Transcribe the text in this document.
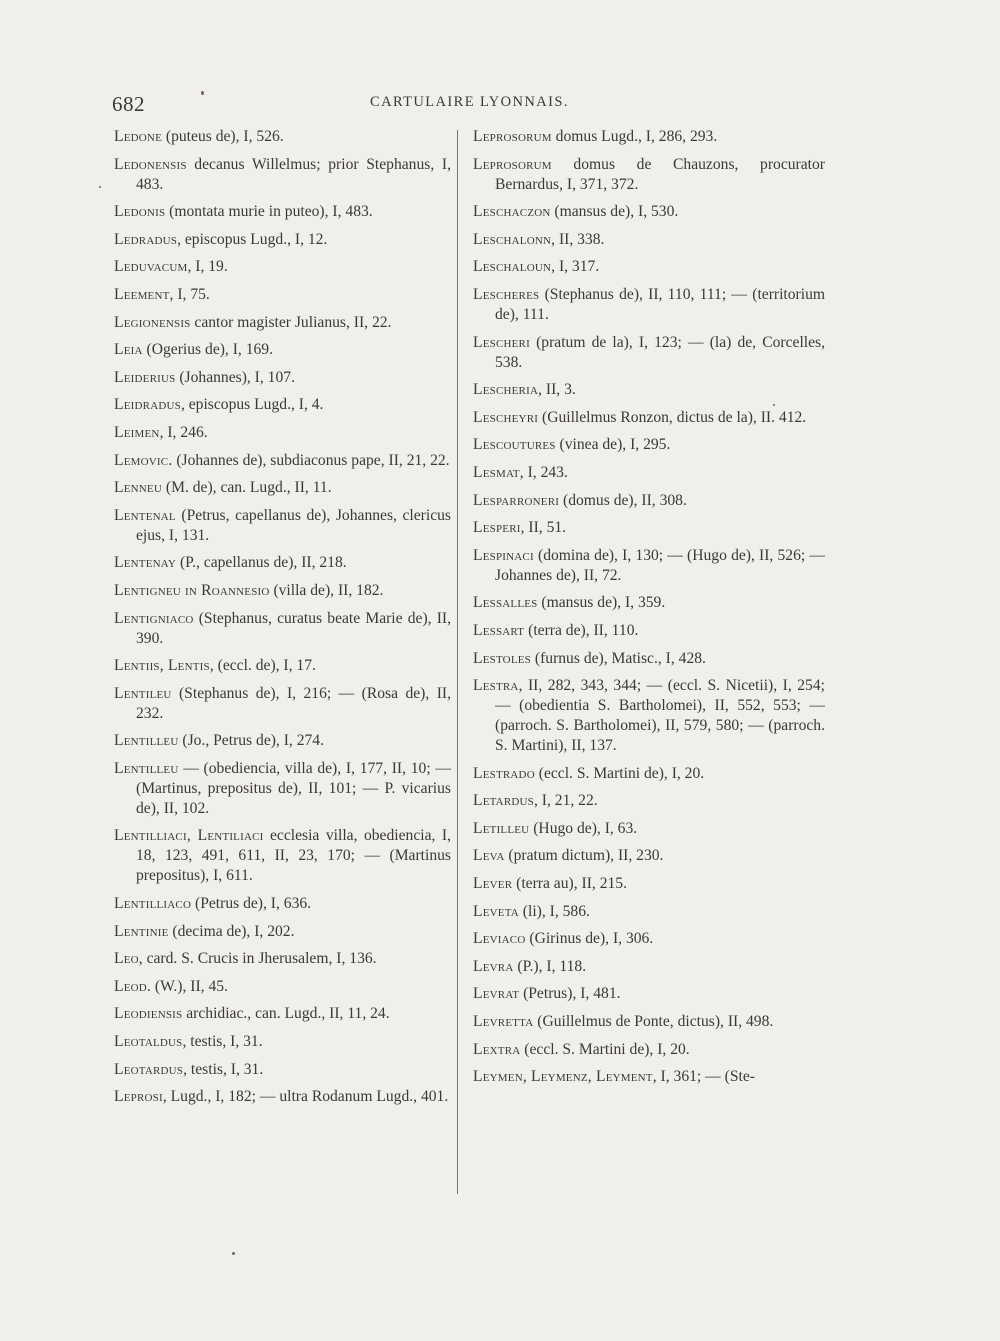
682	CARTULAIRE LYONNAIS.

Ledone (puteus de), I, 526.

Ledonensis decanus Willelmus; prior Stephanus, I, 483.

Ledonis (montata murie in puteo), I, 483.

Ledradus, episcopus Lugd., I, 12.

Leduvacum, I, 19.

Leement, I, 75.

Legionensis cantor magister Julianus, II, 22.

Leia (Ogerius de), I, 169.

Leiderius (Johannes), I, 107.

Leidradus, episcopus Lugd., I, 4.

Leimen, I, 246.

Lemovic. (Johannes de), subdiaconus pape, II, 21, 22.

Lenneu (M. de), can. Lugd., II, 11.

Lentenal (Petrus, capellanus de), Johannes, clericus ejus, I, 131.

Lentenay (P., capellanus de), II, 218.

Lentigneu in Roannesio (villa de), II, 182.

Lentigniaco (Stephanus, curatus beate Marie de), II, 390.

Lentiis, Lentis, (eccl. de), I, 17.

Lentileu (Stephanus de), I, 216; — (Rosa de), II, 232.

Lentilleu (Jo., Petrus de), I, 274.

Lentilleu — (obediencia, villa de), I, 177, II, 10; — (Martinus, prepositus de), II, 101; — P. vicarius de), II, 102.

Lentilliaci, Lentiliaci ecclesia villa, obediencia, I, 18, 123, 491, 611, II, 23, 170; — (Martinus prepositus), I, 611.

Lentilliaco (Petrus de), I, 636.

Lentinie (decima de), I, 202.

Leo, card. S. Crucis in Jherusalem, I, 136.

Leod. (W.), II, 45.

Leodiensis archidiac., can. Lugd., II, 11, 24.

Leotaldus, testis, I, 31.

Leotardus, testis, I, 31.

Leprosi, Lugd., I, 182; — ultra Rodanum Lugd., 401.

Leprosorum domus Lugd., I, 286, 293.

Leprosorum domus de Chauzons, procurator Bernardus, I, 371, 372.

Leschaczon (mansus de), I, 530.

Leschalonn, II, 338.

Leschaloun, I, 317.

Lescheres (Stephanus de), II, 110, 111; — (territorium de), 111.

Lescheri (pratum de la), I, 123; — (la) de, Corcelles, 538.

Lescheria, II, 3.

Lescheyri (Guillelmus Ronzon, dictus de la), II. 412.

Lescoutures (vinea de), I, 295.

Lesmat, I, 243.

Lesparroneri (domus de), II, 308.

Lesperi, II, 51.

Lespinaci (domina de), I, 130; — (Hugo de), II, 526; — Johannes de), II, 72.

Lessalles (mansus de), I, 359.

Lessart (terra de), II, 110.

Lestoles (furnus de), Matisc., I, 428.

Lestra, II, 282, 343, 344; — (eccl. S. Nicetii), I, 254; — (obedientia S. Bartholomei), II, 552, 553; — (parroch. S. Bartholomei), II, 579, 580; — (parroch. S. Martini), II, 137.

Lestrado (eccl. S. Martini de), I, 20.

Letardus, I, 21, 22.

Letilleu (Hugo de), I, 63.

Leva (pratum dictum), II, 230.

Lever (terra au), II, 215.

Leveta (li), I, 586.

Leviaco (Girinus de), I, 306.

Levra (P.), I, 118.

Levrat (Petrus), I, 481.

Levretta (Guillelmus de Ponte, dictus), II, 498.

Lextra (eccl. S. Martini de), I, 20.

Leymen, Leymenz, Leyment, I, 361; — (Ste-
